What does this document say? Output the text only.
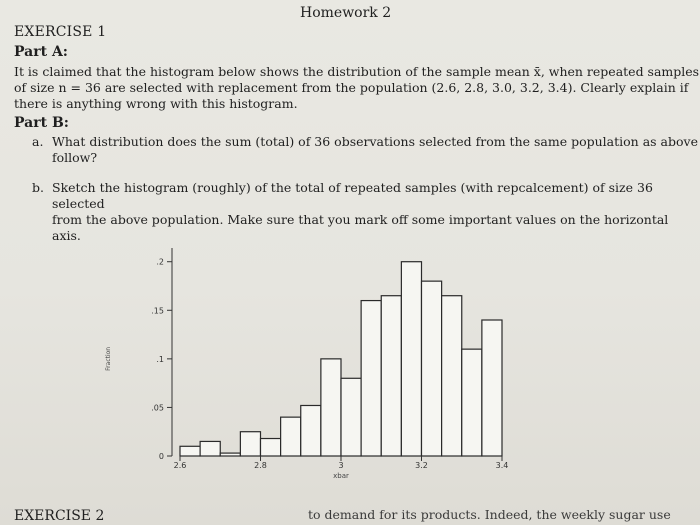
Homework 2
EXERCISE 1
Part A:
It is claimed that the histogram below shows the distribution of the sample mean x̄, when repeated samples
of size n = 36 are selected with replacement from the population (2.6, 2.8, 3.0, 3.2, 3.4). Clearly explain if
there is anything wrong with this histogram.
Part B:
a. What distribution does the sum (total) of 36 observations selected from the same population as above
follow?
b. Sketch the histogram (roughly) of the total of repeated samples (with repcalcement) of size 36 selected
from the above population. Make sure that you mark off some important values on the horizontal axis.
0
.05
.1
.15
.2
2.6	2.8	3	3.2	3.4
Fraction
xbar
EXERCISE 2	to demand for its products. Indeed, the weekly sugar use
